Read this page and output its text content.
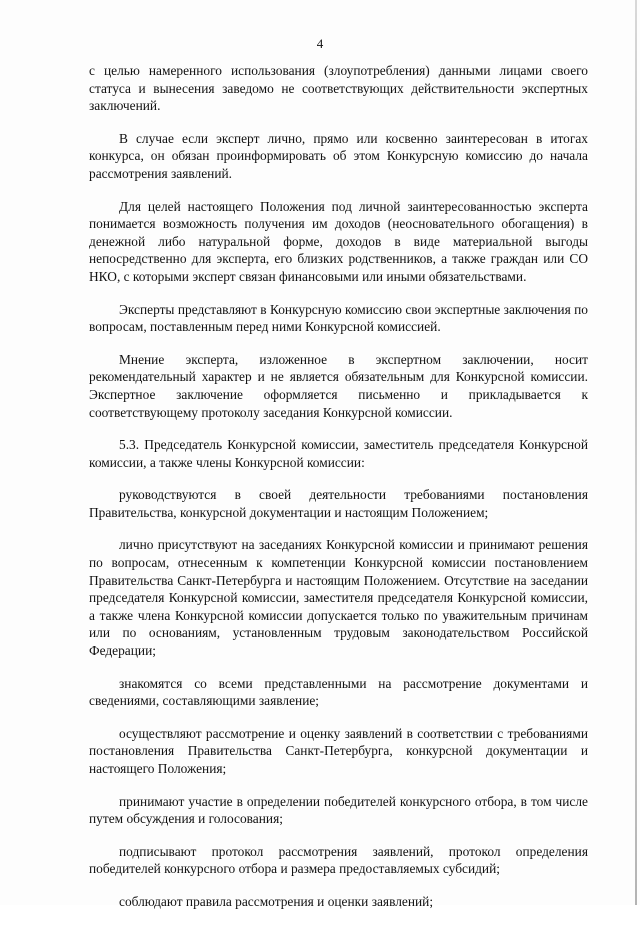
4

с целью намеренного использования (злоупотребления) данными лицами своего статуса и вынесения заведомо не соответствующих действительности экспертных заключений.

В случае если эксперт лично, прямо или косвенно заинтересован в итогах конкурса, он обязан проинформировать об этом Конкурсную комиссию до начала рассмотрения заявлений.

Для целей настоящего Положения под личной заинтересованностью эксперта понимается возможность получения им доходов (неосновательного обогащения) в денежной либо натуральной форме, доходов в виде материальной выгоды непосредственно для эксперта, его близких родственников, а также граждан или СО НКО, с которыми эксперт связан финансовыми или иными обязательствами.

Эксперты представляют в Конкурсную комиссию свои экспертные заключения по вопросам, поставленным перед ними Конкурсной комиссией.

Мнение эксперта, изложенное в экспертном заключении, носит рекомендательный характер и не является обязательным для Конкурсной комиссии. Экспертное заключение оформляется письменно и прикладывается к соответствующему протоколу заседания Конкурсной комиссии.

5.3. Председатель Конкурсной комиссии, заместитель председателя Конкурсной комиссии, а также члены Конкурсной комиссии:

руководствуются в своей деятельности требованиями постановления Правительства, конкурсной документации и настоящим Положением;

лично присутствуют на заседаниях Конкурсной комиссии и принимают решения по вопросам, отнесенным к компетенции Конкурсной комиссии постановлением Правительства Санкт-Петербурга и настоящим Положением. Отсутствие на заседании председателя Конкурсной комиссии, заместителя председателя Конкурсной комиссии, а также члена Конкурсной комиссии допускается только по уважительным причинам или по основаниям, установленным трудовым законодательством Российской Федерации;

знакомятся со всеми представленными на рассмотрение документами и сведениями, составляющими заявление;

осуществляют рассмотрение и оценку заявлений в соответствии с требованиями постановления Правительства Санкт-Петербурга, конкурсной документации и настоящего Положения;

принимают участие в определении победителей конкурсного отбора, в том числе путем обсуждения и голосования;

подписывают протокол рассмотрения заявлений, протокол определения победителей конкурсного отбора и размера предоставляемых субсидий;

соблюдают правила рассмотрения и оценки заявлений;
